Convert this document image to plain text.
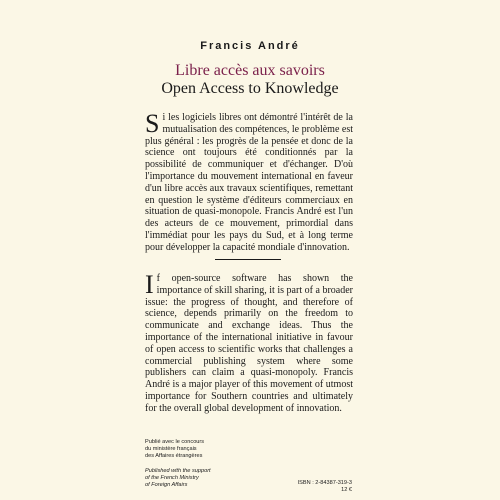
Francis André
Libre accès aux savoirs
Open Access to Knowledge

Si les logiciels libres ont démontré l'intérêt de la mutualisation des compétences, le problème est plus général : les progrès de la pensée et donc de la science ont toujours été conditionnés par la possibilité de communiquer et d'échanger. D'où l'importance du mouvement international en faveur d'un libre accès aux travaux scientifiques, remettant en question le système d'éditeurs commerciaux en situation de quasi-monopole. Francis André est l'un des acteurs de ce mouvement, primordial dans l'immédiat pour les pays du Sud, et à long terme pour développer la capacité mondiale d'innovation.

If open-source software has shown the importance of skill sharing, it is part of a broader issue: the progress of thought, and therefore of science, depends primarily on the freedom to communicate and exchange ideas. Thus the importance of the international initiative in favour of open access to scientific works that challenges a commercial publishing system where some publishers can claim a quasi-monopoly. Francis André is a major player of this movement of utmost importance for Southern countries and ultimately for the overall global development of innovation.

Publié avec le concours
du ministère français
des Affaires étrangères
Published with the support
of the French Ministry
of Foreign Affairs	ISBN : 2-84387-319-3
12 €
